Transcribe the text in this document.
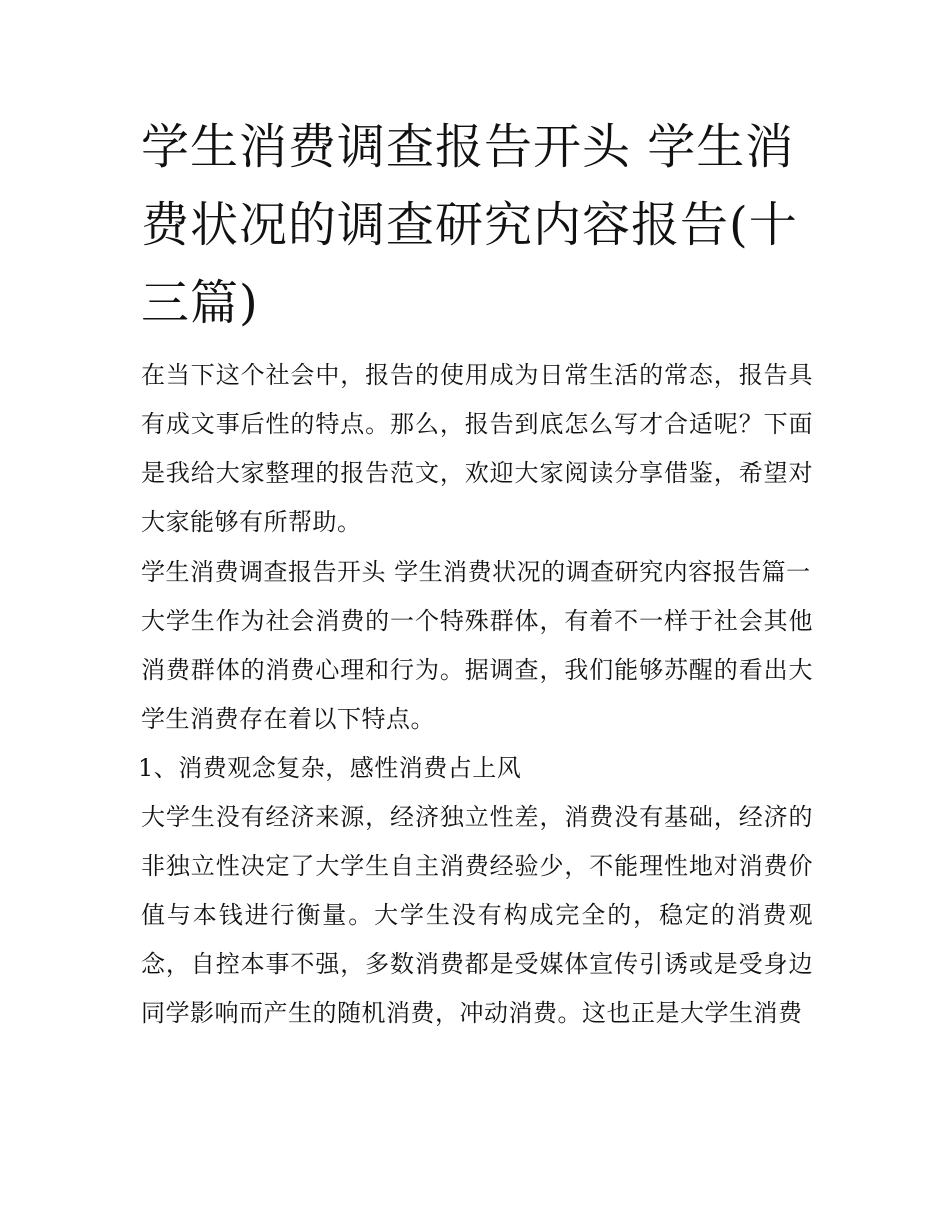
学生消费调查报告开头 学生消费状况的调查研究内容报告(十三篇)

在当下这个社会中，报告的使用成为日常生活的常态，报告具有成文事后性的特点。那么，报告到底怎么写才合适呢？下面是我给大家整理的报告范文，欢迎大家阅读分享借鉴，希望对大家能够有所帮助。

学生消费调查报告开头 学生消费状况的调查研究内容报告篇一

大学生作为社会消费的一个特殊群体，有着不一样于社会其他消费群体的消费心理和行为。据调查，我们能够苏醒的看出大学生消费存在着以下特点。

1、消费观念复杂，感性消费占上风

大学生没有经济来源，经济独立性差，消费没有基础，经济的非独立性决定了大学生自主消费经验少，不能理性地对消费价值与本钱进行衡量。大学生没有构成完全的，稳定的消费观念，自控本事不强，多数消费都是受媒体宣传引诱或是受身边同学影响而产生的随机消费，冲动消费。这也正是大学生消费
